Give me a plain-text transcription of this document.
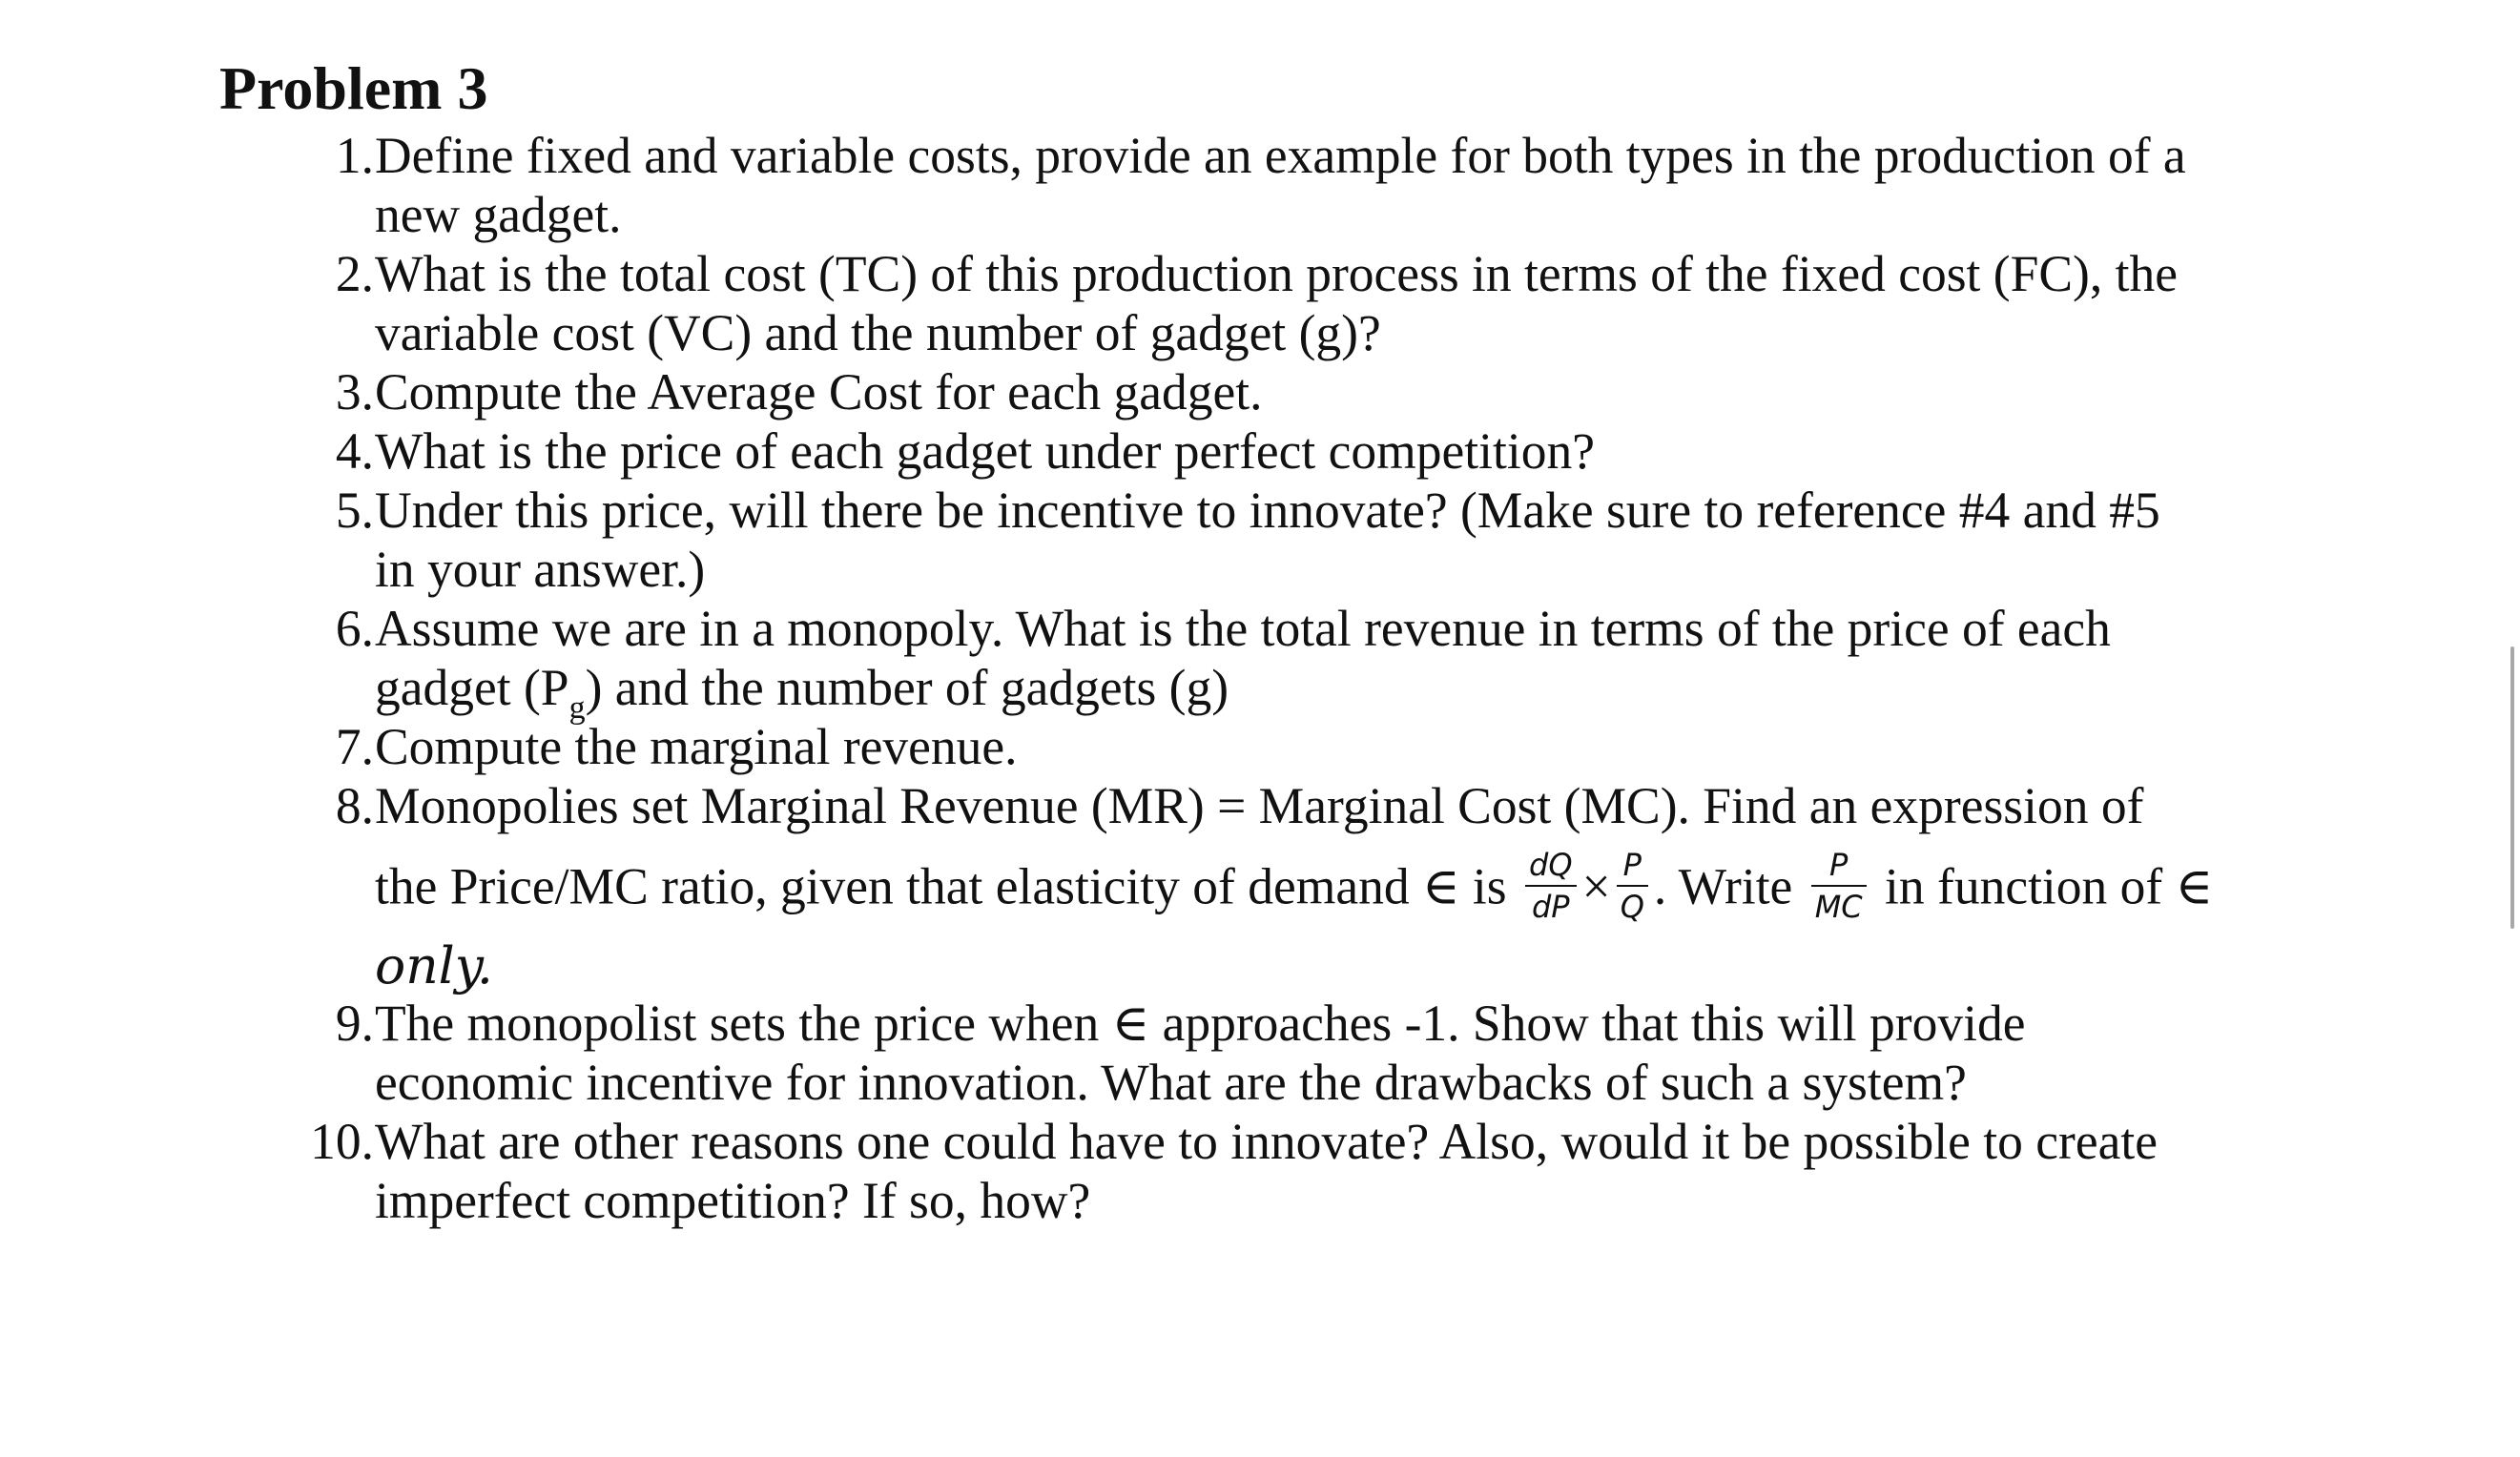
Problem 3
1. Define fixed and variable costs, provide an example for both types in the production of a
new gadget.
2. What is the total cost (TC) of this production process in terms of the fixed cost (FC), the
variable cost (VC) and the number of gadget (g)?
3. Compute the Average Cost for each gadget.
4. What is the price of each gadget under perfect competition?
5. Under this price, will there be incentive to innovate? (Make sure to reference #4 and #5
in your answer.)
6. Assume we are in a monopoly. What is the total revenue in terms of the price of each
gadget $(P_g)$ and the number of gadgets (g)
7. Compute the marginal revenue.
8. Monopolies set Marginal Revenue (MR) = Marginal Cost (MC). Find an expression of
the Price/MC ratio, given that elasticity of demand ∈ is $\frac{dQ}{dP} \times \frac{P}{Q}$ . Write $\frac{P}{MC}$ in function of ∈
only.
9. The monopolist sets the price when ∈ approaches -1. Show that this will provide
economic incentive for innovation. What are the drawbacks of such a system?
10. What are other reasons one could have to innovate? Also, would it be possible to create
imperfect competition? If so, how?
